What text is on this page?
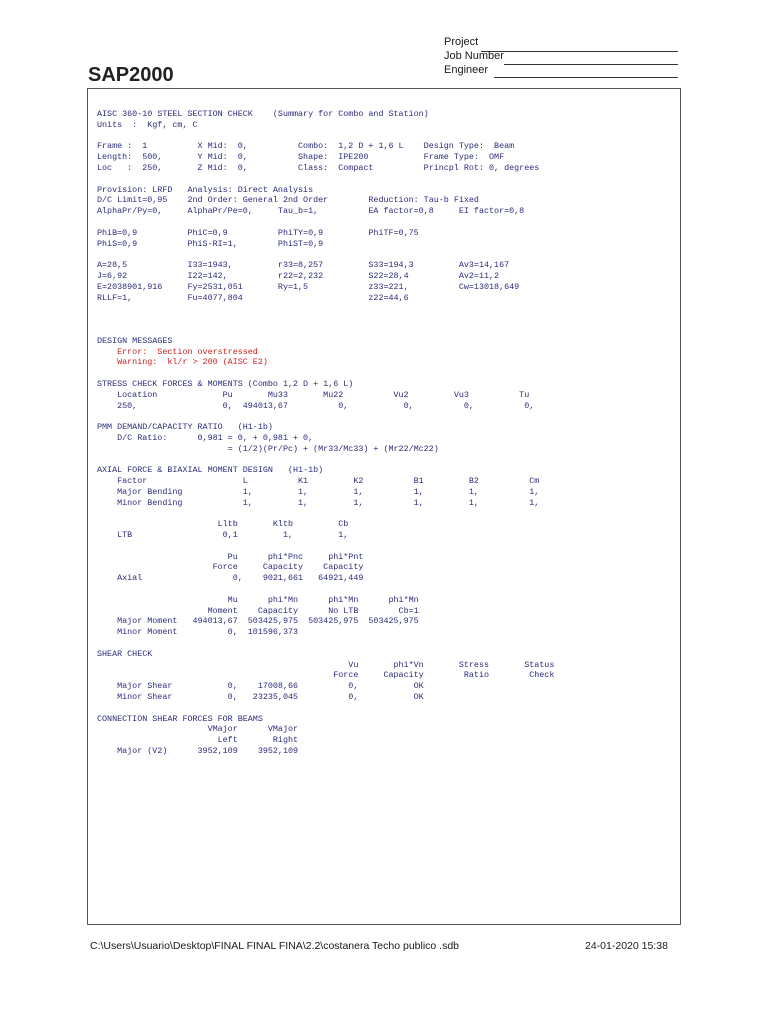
SAP2000
Project
Job Number
Engineer
AISC 360-10 STEEL SECTION CHECK    (Summary for Combo and Station)
Units  :  Kgf, cm, C

Frame :  1          X Mid:  0,          Combo:  1,2 D + 1,6 L    Design Type:  Beam
Length:  500,       Y Mid:  0,          Shape:  IPE200           Frame Type:  OMF
Loc   :  250,       Z Mid:  0,          Class:  Compact          Princpl Rot: 0, degrees

Provision: LRFD   Analysis: Direct Analysis
D/C Limit=0,95    2nd Order: General 2nd Order        Reduction: Tau-b Fixed
AlphaPr/Py=0,     AlphaPr/Pe=0,     Tau_b=1,          EA factor=0,8     EI factor=0,8

PhiB=0,9          PhiC=0,9          PhiTY=0,9         PhiTF=0,75
PhiS=0,9          PhiS-RI=1,        PhiST=0,9

A=28,5            I33=1943,         r33=8,257         S33=194,3         Av3=14,167
J=6,92            I22=142,          r22=2,232         S22=28,4          Av2=11,2
E=2038901,916     Fy=2531,051       Ry=1,5            z33=221,          Cw=13018,649
RLLF=1,           Fu=4077,804                         z22=44,6

DESIGN MESSAGES
Error:  Section overstressed
Warning:  kl/r > 200 (AISC E2)

STRESS CHECK FORCES & MOMENTS (Combo 1,2 D + 1,6 L)
Location             Pu       Mu33       Mu22          Vu2         Vu3          Tu
250,                 0,  494013,67          0,           0,          0,          0,

PMM DEMAND/CAPACITY RATIO   (H1-1b)
D/C Ratio:      0,981 = 0, + 0,981 + 0,
= (1/2)(Pr/Pc) + (Mr33/Mc33) + (Mr22/Mc22)

AXIAL FORCE & BIAXIAL MOMENT DESIGN   (H1-1b)
Factor                   L          K1         K2          B1         B2          Cm
Major Bending            1,         1,         1,          1,         1,          1,
Minor Bending            1,         1,         1,          1,         1,          1,

Lltb       Kltb         Cb
LTB                  0,1         1,         1,

Pu      phi*Pnc     phi*Pnt
Force     Capacity    Capacity
Axial                  0,    9021,661   64921,449

Mu      phi*Mn      phi*Mn      phi*Mn
Moment    Capacity      No LTB        Cb=1
Major Moment   494013,67  503425,975  503425,975  503425,975
Minor Moment          0,  101596,373

SHEAR CHECK
Vu       phi*Vn       Stress       Status
Force     Capacity        Ratio        Check
Major Shear           0,    17008,66          0,           OK
Minor Shear           0,   23235,045          0,           OK

CONNECTION SHEAR FORCES FOR BEAMS
VMajor      VMajor
Left       Right
Major (V2)      3952,109    3952,109
C:\Users\Usuario\Desktop\FINAL FINAL FINA\2.2\costanera Techo publico .sdb	24-01-2020 15:38
